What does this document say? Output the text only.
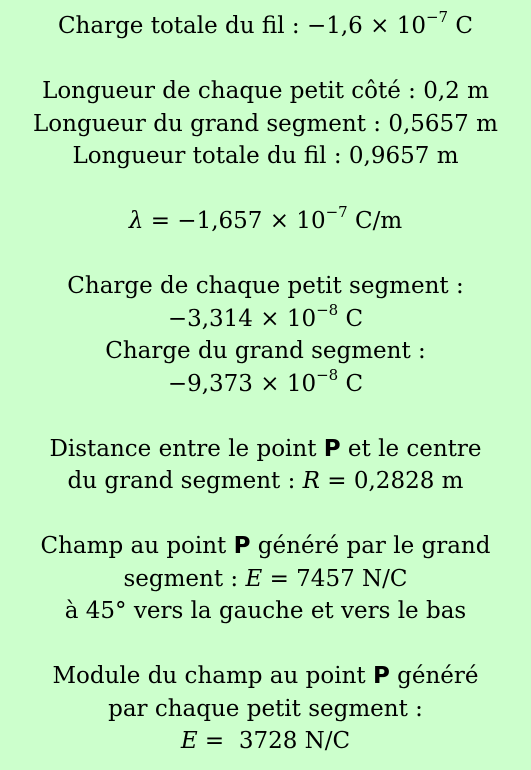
Charge totale du fil : $-1,6 \times 10^{-7}$ C
Longueur de chaque petit côté : 0,2 m
Longueur du grand segment : 0,5657 m
Longueur totale du fil : 0,9657 m
$\lambda = -1,657 \times 10^{-7}$ C/m
Charge de chaque petit segment :
$-3,314 \times 10^{-8}$ C
Charge du grand segment :
$-9,373 \times 10^{-8}$ C
Distance entre le point P et le centre
du grand segment : R = 0,2828 m
Champ au point P généré par le grand
segment : E = 7457 N/C
à 45° vers la gauche et vers le bas
Module du champ au point P généré
par chaque petit segment :
E =  3728 N/C
